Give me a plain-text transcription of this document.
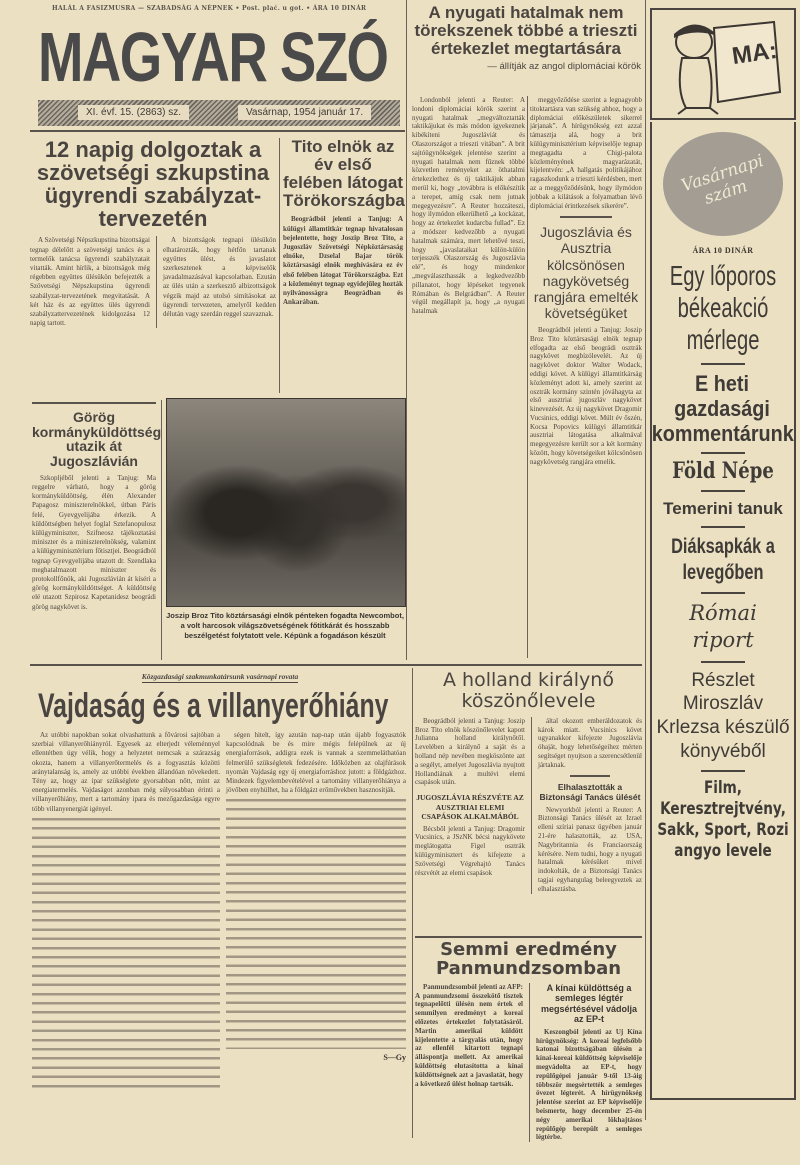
HALÁL A FASIZMUSRA — SZABADSÁG A NÉPNEK • Post. plać. u got. • ÁRA 10 DINÁR
MAGYAR SZÓ
XI. évf. 15. (2863) sz.	Vasárnap, 1954 január 17.
A nyugati hatalmak nem törekszenek többé a trieszti értekezlet megtartására
— állítják az angol diplomáciai körök

Londonból jelenti a Reuter: A londoni diplomáciai körök szerint a nyugati hatalmak „megváltoztatták taktikájukat és más módon igyekeznek kibékíteni Jugoszláviát és Olaszországot a trieszti vitában”. A brit sajtóügynökségek jelentése szerint a nyugati hatalmak nem fűznek többé közvetlen reményeket az öthatalmi értekezlethez és új taktikájuk abban merül ki, hogy „továbbra is előkészítik a terepet, amíg csak nem jutnak megegyezésre”. A Reuter hozzáteszi, hogy ilymódon elkerülhető „a kockázat, hogy az értekezlet kudarcba fullad”. Ez a módszer kedvezőbb a nyugati hatalmak számára, mert lehetővé teszi, hogy „javaslataikat külön-külön terjesszék Olaszország és Jugoszlávia elé”, és hogy mindenkor „megválaszthassák a legkedvezőbb pillanatot, hogy lépéseket tegyenek Rómában és Belgrádban”. A Reuter végül megállapít ja, hogy „a nyugati hatalmak

meggyőződése szerint a legnagyobb titoktartásra van szükség ahhoz, hogy a diplomáciai előkészületek sikerrel járjanak”. A hírügynökség ezt azzal támasztja alá, hogy a brit külügyminisztérium képviselője tegnap megtagadta a Chigi-palota közleményének magyarázatát, kijelentvén: „A hallgatás politikájához ragaszkodunk a trieszti kérdésben, mert az a meggyőződésünk, hogy ilymódon jobbak a kilátások a folyamatban lévő diplomáciai érintkezések sikerére”.

Jugoszlávia és Ausztria kölcsönösen nagykövetség rangjára emelték követségüket

Beográdból jelenti a Tanjug: Joszip Broz Tito köztársasági elnök tegnap elfogadta az első beográdi osztrák nagykövet megbízólevelét. Az új nagykövet doktor Walter Wodack, eddigi követ. A külügyi államtitkárság közleményt adott ki, amely szerint az osztrák kormány szintén jóváhagyta az első ausztriai jugoszláv nagykövet kinevezését. Az új nagykövet Dragomir Vucsinics, eddigi követ. Múlt év őszén, Kocsa Popovics külügyi államtitkár ausztriai látogatása alkalmával megegyezésre került sor a két kormány között, hogy követségeiket kölcsönösen nagykövetség rangjára emelik.

MA:
12 napig dolgoztak a szövetségi szkupstina ügyrendi szabályzat-tervezetén

A Szövetségi Népszkupstina bizottságai tegnap délelőtt a szövetségi tanács és a termelők tanácsa ügyrendi szabályzatait vitatták. Amint hírlik, a bizottságok még régebben együttes ülésükön befejezték a Szövetségi Népszkupstina ügyrendi szabályzat-tervezetének megvitatását. A két ház és az együttes ülés ügyrendi szabályzattervezetének kidolgozása 12 napig tartott.

A bizottságok tegnapi ülésükön elhatározták, hogy hétfőn tartanak együttes ülést, és javaslatot szerkesztenek a képviselők javadalmazásával kapcsolatban. Ezután az ülés után a szerkesztő albizottságok végzik majd az utolsó simításokat az ügyrendi tervezeten, amelyről kedden délután vagy szerdán reggel szavaznak.

Tito elnök az év első felében látogat Törökországba

Beográdból jelenti a Tanjug: A külügyi államtitkár tegnap hivatalosan bejelentette, hogy Joszip Broz Tito, a Jugoszláv Szövetségi Népköztársaság elnöke, Dzselal Bajar török köztársasági elnök meghívására ez év első felében látogat Törökországba. Ezt a közleményt tegnap egyidejűleg hozták nyilvánosságra Beográdban és Ankarában.

Görög kormányküldöttség utazik át Jugoszlávián

Szkopljéből jelenti a Tanjug: Ma reggelre várható, hogy a görög kormányküldöttség, élén Alexander Papagosz miniszterelnökkel, útban Párís felé, Gyevgyelijába érkezik. A küldöttségben helyet foglal Sztefanopulosz külügyminiszter, Szifneosz tájékoztatási miniszter és a miniszterelnökség, valamint a külügyminisztérium főtisztjei. Beográdból tegnap Gyevgyelijába utazott dr. Szendlaka meghatalmazott miniszter és protokollfőnök, aki Jugoszlávián át kíséri a görög kormányküldöttséget. A küldöttség elé utazott Szpirosz Kapetanidesz beográdi görög nagykövet is.

Joszip Broz Tito köztársasági elnök pénteken fogadta Newcombot, a volt harcosok világszövetségének főtitkárát és hosszabb beszélgetést folytatott vele. Képünk a fogadáson készült
Közgazdasági szakmunkatársunk vasárnapi rovata
Vajdaság és a villanyerőhiány

Az utóbbi napokban sokat olvashattunk a fővárosi sajtóban a szerbiai villanyerőhiányról. Egyesek az elterjedt véleménnyel ellentétben úgy vélik, hogy a helyzetet nemcsak a szárazság okozta, hanem a villanyerőtermelés és a fogyasztás közötti aránytalanság is, amely az utóbbi években állandóan növekedett. Tény az, hogy az ipar szükséglete gyorsabban nőtt, mint az energiatermelés. Vajdaságot azonban még súlyosabban érinti a villanyerőhiány, mert a tartomány ipara és mezőgazdasága egyre több villanyenergiát igényel.

ségen hitelt, így azután nap-nap után újabb fogyasztók kapcsolódnak be és mire mégis felépülnek az új energiaforrások, addigra ezek is vannak a szemmeláthatóan felmerülő szükségletek fedezésére. Időközben az olajfúrások nyomán Vajdaság egy új energiaforráshoz jutott: a földgázhoz. Mindezek figyelembevételével a tartomány villanyerőhiánya a jövőben enyhülhet, ha a földgázt erőművekben hasznosítják.

S—Gy
A holland királynő köszönőlevele

Beográdból jelenti a Tanjug: Joszip Broz Tito elnök köszönőlevelet kapott Julianna holland királynőtől. Levelében a királynő a saját és a holland nép nevében megköszönte azt a segélyt, amelyet Jugoszlávia nyujtott Hollandiának a multévi elemi csapások után.

JUGOSZLÁVIA RÉSZVÉTE AZ AUSZTRIAI ELEMI CSAPÁSOK ALKALMÁBÓL

Bécsből jelenti a Tanjug: Dragomir Vucsinics, a JSzNK bécsi nagykövete meglátogatta Figel osztrák külügyminisztert és kifejezte a Szövetségi Végrehajtó Tanács részvétét az elemi csapások

által okozott emberáldozatok és károk miatt. Vucsinics követ ugyanakkor kifejezte Jugoszlávia óhaját, hogy lehetőségeihez mérten segítséget nyujtson a szerencsétlenül jártaknak.

Elhalasztották a Biztonsági Tanács ülését

Newyorkból jelenti a Reuter: A Biztonsági Tanács ülését az Izrael elleni szíriai panasz ügyében január 21-ére halasztották, az USA, Nagybritannia és Franciaország kérésére. Nem tudni, hogy a nyugati hatalmak kérésüket mivel indokolták, de a Biztonsági Tanács tagjai egyhangulag beleegyeztek az elhalasztásba.

Semmi eredmény Panmundzsomban

Panmundzsomból jelenti az AFP: A panmundzsomi összekötő tisztek tegnapelőtti ülésén nem értek el semmilyen eredményt a koreai előzetes értekezlet folytatásáról. Martin amerikai küldött kijelentette a tárgyalás után, hogy az ellenfél kitartott tegnapi álláspontja mellett. Az amerikai küldöttség elutasította a kínai küldöttségnek azt a javaslatát, hogy a következő ülést holnap tartsák.

A kínai küldöttség a semleges légtér megsértésével vádolja az EP-t

Keszongból jelenti az Uj Kína hírügynökség: A koreai legfelsőbb katonai bizottságában ülésén a kínai-koreai küldöttség képviselője megvádolta az EP-t, hogy repülőgépei január 9-től 13-áig többször megsértették a semleges övezet légterét. A hírügynökség jelentése szerint az EP képviselője beismerte, hogy december 25-én négy amerikai lökhajtásos repülőgép berepült a semleges légtérbe.

Vasárnapi szám
ÁRA 10 DINÁR
Egy lőporos békeakció mérlege
E heti gazdasági kommentárunk
Föld Népe
Temerini tanuk
Diáksapkák a levegőben
Római riport
Részlet Miroszláv Krlezsa készülő könyvéből
Film, Keresztrejtvény, Sakk, Sport, Rozi angyo levele
